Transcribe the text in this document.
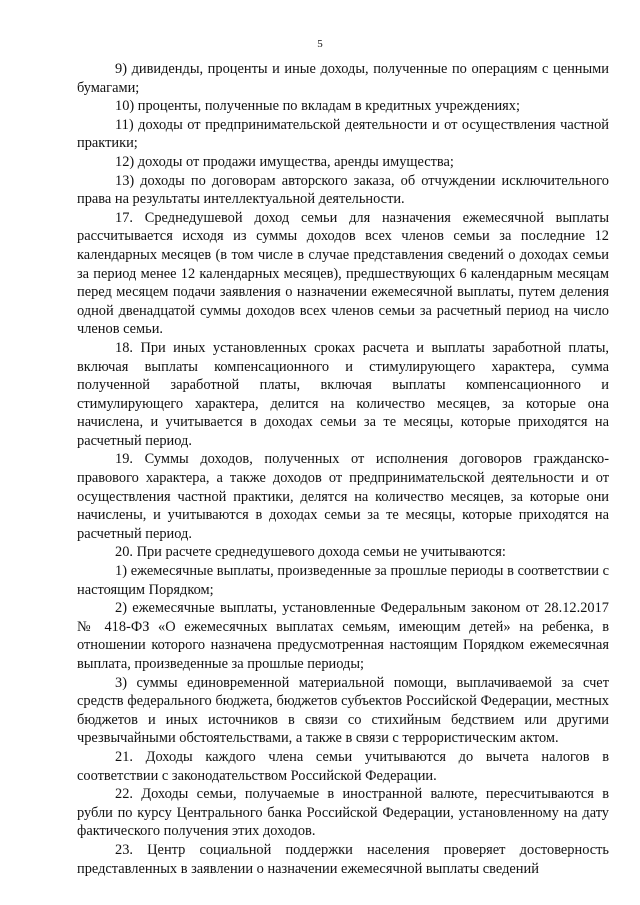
5

9) дивиденды, проценты и иные доходы, полученные по операциям с ценными бумагами;

10) проценты, полученные по вкладам в кредитных учреждениях;

11) доходы от предпринимательской деятельности и от осуществления частной практики;

12) доходы от продажи имущества, аренды имущества;

13) доходы по договорам авторского заказа, об отчуждении исключительного права на результаты интеллектуальной деятельности.

17. Среднедушевой доход семьи для назначения ежемесячной выплаты рассчитывается исходя из суммы доходов всех членов семьи за последние 12 календарных месяцев (в том числе в случае представления сведений о доходах семьи за период менее 12 календарных месяцев), предшествующих 6 календарным месяцам перед месяцем подачи заявления о назначении ежемесячной выплаты, путем деления одной двенадцатой суммы доходов всех членов семьи за расчетный период на число членов семьи.

18. При иных установленных сроках расчета и выплаты заработной платы, включая выплаты компенсационного и стимулирующего характера, сумма полученной заработной платы, включая выплаты компенсационного и стимулирующего характера, делится на количество месяцев, за которые она начислена, и учитывается в доходах семьи за те месяцы, которые приходятся на расчетный период.

19. Суммы доходов, полученных от исполнения договоров гражданско-правового характера, а также доходов от предпринимательской деятельности и от осуществления частной практики, делятся на количество месяцев, за которые они начислены, и учитываются в доходах семьи за те месяцы, которые приходятся на расчетный период.

20. При расчете среднедушевого дохода семьи не учитываются:

1) ежемесячные выплаты, произведенные за прошлые периоды в соответствии с настоящим Порядком;

2) ежемесячные выплаты, установленные Федеральным законом от 28.12.2017 № 418-ФЗ «О ежемесячных выплатах семьям, имеющим детей» на ребенка, в отношении которого назначена предусмотренная настоящим Порядком ежемесячная выплата, произведенные за прошлые периоды;

3) суммы единовременной материальной помощи, выплачиваемой за счет средств федерального бюджета, бюджетов субъектов Российской Федерации, местных бюджетов и иных источников в связи со стихийным бедствием или другими чрезвычайными обстоятельствами, а также в связи с террористическим актом.

21. Доходы каждого члена семьи учитываются до вычета налогов в соответствии с законодательством Российской Федерации.

22. Доходы семьи, получаемые в иностранной валюте, пересчитываются в рубли по курсу Центрального банка Российской Федерации, установленному на дату фактического получения этих доходов.

23. Центр социальной поддержки населения проверяет достоверность представленных в заявлении о назначении ежемесячной выплаты сведений
